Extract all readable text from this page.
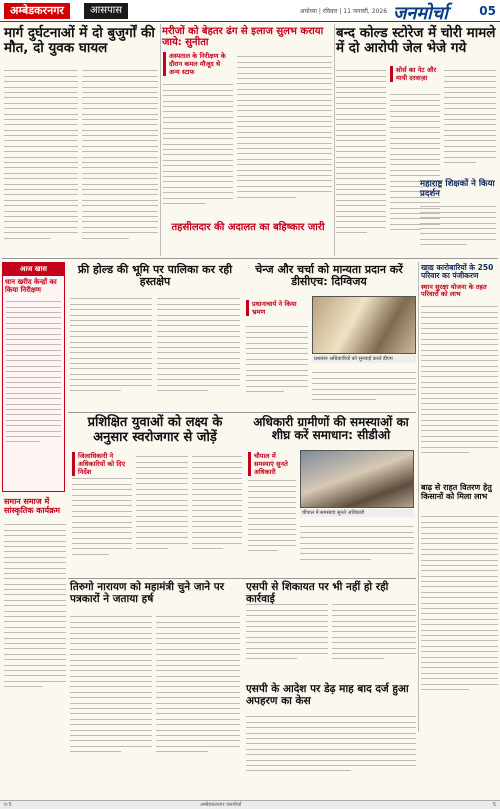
अम्बेडकरनगर	आसपास	अयोध्या | रविवार | 11 जनवरी, 2026 जनमोर्चा	05
मार्ग दुर्घटनाओं में दो बुजुर्गों की मौत, दो युवक घायल
मरीजों को बेहतर ढंग से इलाज सुलभ कराया जाये: सुनीता
बन्द कोल्ड स्टोरेज में चोरी मामले में दो आरोपी जेल भेजे गये
अस्पताल के निरीक्षण के दौरान कमल मौजूद थे अन्य स्टाफ
तहसीलदार की अदालत का बहिष्कार जारी
सोर्स का नेट और मायी दरवाज़ा
महाराष्ट्र शिक्षकों ने किया प्रदर्शन
आज खास
धान खरीद केन्द्रों का किया निरीक्षण
फ्री होल्ड की भूमि पर पालिका कर रही हस्तक्षेप
चेन्ज और चर्चा को मान्यता प्रदान करें डीसीएच: दिग्विजय
प्रधानाचार्य ने किया भ्रमण
प्रशासन अधिकारियों को सुनवाई करते डीएम
खाद्य कारोबारियों के 250 परिवार का पंजीकरण
स्थान सुरक्षा योजना के तहत परिवारों को लाभ
बाढ़ से राहत वितरण हेतु किसानों को मिला लाभ
प्रशिक्षित युवाओं को लक्ष्य के अनुसार स्वरोजगार से जोड़ें
जिलाधिकारी ने अधिकारियों को दिए निर्देश
अधिकारी ग्रामीणों की समस्याओं का शीघ्र करें समाधान: सीडीओ
चौपाल में समस्याएं सुनते अधिकारी
चौपाल में समस्याएं सुनते अधिकारी
समान समाज में सांस्कृतिक कार्यक्रम
तिरुगो नारायण को महामंत्री चुने जाने पर पत्रकारों ने जताया हर्ष
एसपी से शिकायत पर भी नहीं हो रही कार्रवाई
एसपी के आदेश पर डेढ़ माह बाद दर्ज हुआ अपहरण का केस
ए-5	अम्बेडकरनगर जनमोर्चा	5
